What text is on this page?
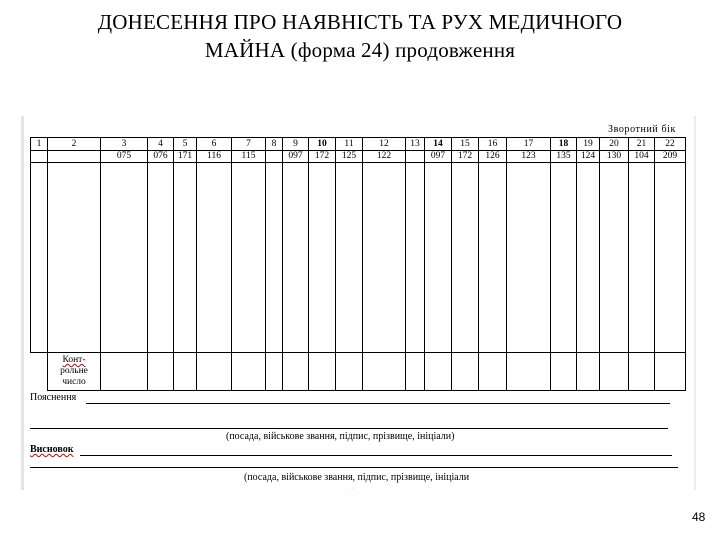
ДОНЕСЕННЯ ПРО НАЯВНІСТЬ ТА РУХ МЕДИЧНОГО
МАЙНА (форма 24) продовження
Зворотний бік
1	2	3	4	5	6	7	8	9	10	11	12	13	14	15	16	17	18	19	20	21	22
		075	076	171	116	115		097	172	125	122		097	172	126	123	135	124	130	104	209

	Конт-
рольне
число																				

Пояснення
(посада, військове звання, підпис, прізвище, ініціали)
Висновок
(посада, військове звання, підпис, прізвище, ініціали
· ·
48
